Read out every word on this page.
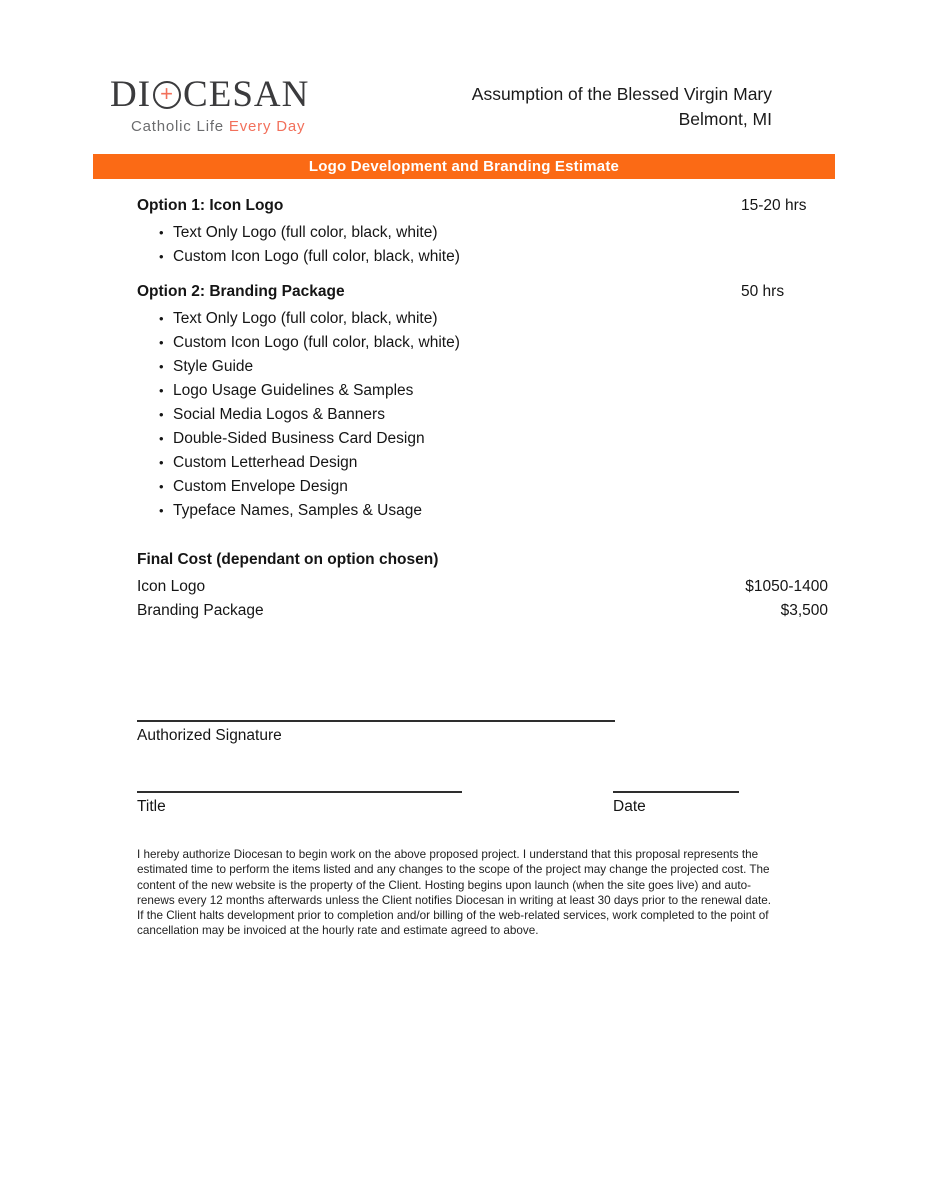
DI + CESAN
Catholic Life Every Day
Assumption of the Blessed Virgin Mary
Belmont, MI
Logo Development and Branding Estimate
Option 1: Icon Logo	15-20 hrs
• Text Only Logo (full color, black, white)
• Custom Icon Logo (full color, black, white)
Option 2: Branding Package	50 hrs
• Text Only Logo (full color, black, white)
• Custom Icon Logo (full color, black, white)
• Style Guide
• Logo Usage Guidelines & Samples
• Social Media Logos & Banners
• Double-Sided Business Card Design
• Custom Letterhead Design
• Custom Envelope Design
• Typeface Names, Samples & Usage
Final Cost (dependant on option chosen)
Icon Logo	$1050-1400
Branding Package	$3,500
Authorized Signature
Title	Date
I hereby authorize Diocesan to begin work on the above proposed project. I understand that this proposal represents the estimated time to perform the items listed and any changes to the scope of the project may change the projected cost. The content of the new website is the property of the Client. Hosting begins upon launch (when the site goes live) and auto-renews every 12 months afterwards unless the Client notifies Diocesan in writing at least 30 days prior to the renewal date. If the Client halts development prior to completion and/or billing of the web-related services, work completed to the point of cancellation may be invoiced at the hourly rate and estimate agreed to above.
